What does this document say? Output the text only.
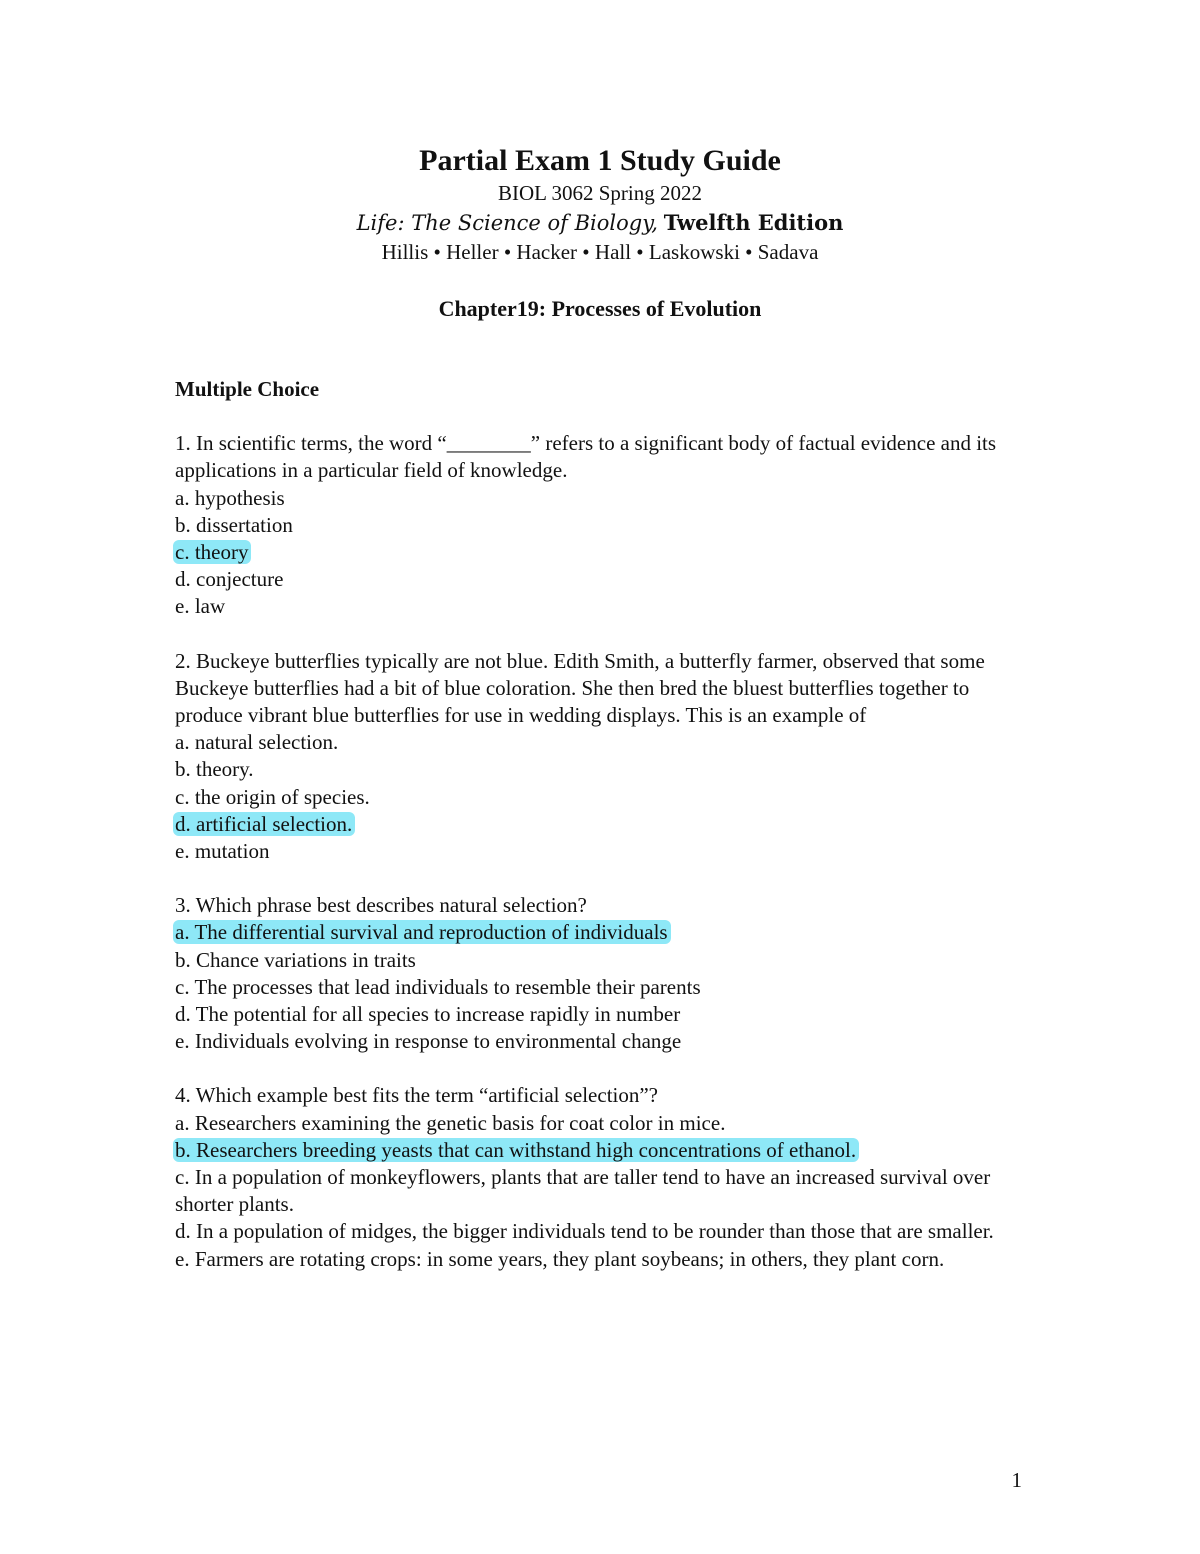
Partial Exam 1 Study Guide
BIOL 3062 Spring 2022
Life: The Science of Biology, Twelfth Edition
Hillis • Heller • Hacker • Hall • Laskowski • Sadava
Chapter19: Processes of Evolution
Multiple Choice
1. In scientific terms, the word “________” refers to a significant body of factual evidence and its applications in a particular field of knowledge.
a. hypothesis
b. dissertation
c. theory
d. conjecture
e. law
2. Buckeye butterflies typically are not blue. Edith Smith, a butterfly farmer, observed that some Buckeye butterflies had a bit of blue coloration. She then bred the bluest butterflies together to produce vibrant blue butterflies for use in wedding displays. This is an example of
a. natural selection.
b. theory.
c. the origin of species.
d. artificial selection.
e. mutation
3. Which phrase best describes natural selection?
a. The differential survival and reproduction of individuals
b. Chance variations in traits
c. The processes that lead individuals to resemble their parents
d. The potential for all species to increase rapidly in number
e. Individuals evolving in response to environmental change
4. Which example best fits the term “artificial selection”?
a. Researchers examining the genetic basis for coat color in mice.
b. Researchers breeding yeasts that can withstand high concentrations of ethanol.
c. In a population of monkeyflowers, plants that are taller tend to have an increased survival over shorter plants.
d. In a population of midges, the bigger individuals tend to be rounder than those that are smaller.
e. Farmers are rotating crops: in some years, they plant soybeans; in others, they plant corn.
1
